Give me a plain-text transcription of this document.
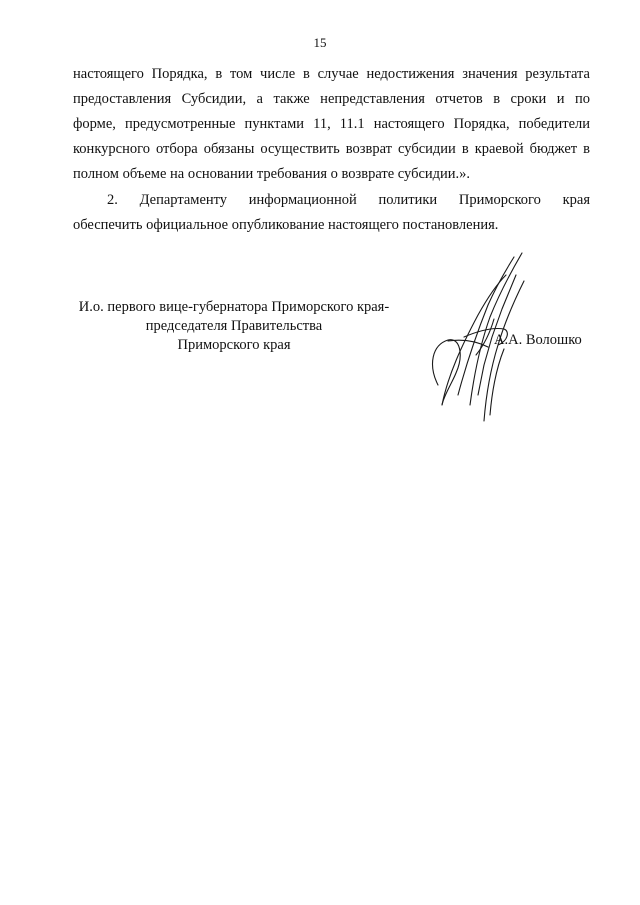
15
настоящего Порядка, в том числе в случае недостижения значения результата
предоставления Субсидии, а также непредставления отчетов в сроки и по
форме, предусмотренные пунктами 11, 11.1 настоящего Порядка, победители
конкурсного отбора обязаны осуществить возврат субсидии в краевой бюджет в
полном объеме на основании требования о возврате субсидии.».
2. Департаменту информационной политики Приморского края
обеспечить официальное опубликование настоящего постановления.
И.о. первого вице-губернатора Приморского края-
председателя Правительства
Приморского края	А.А. Волошко
